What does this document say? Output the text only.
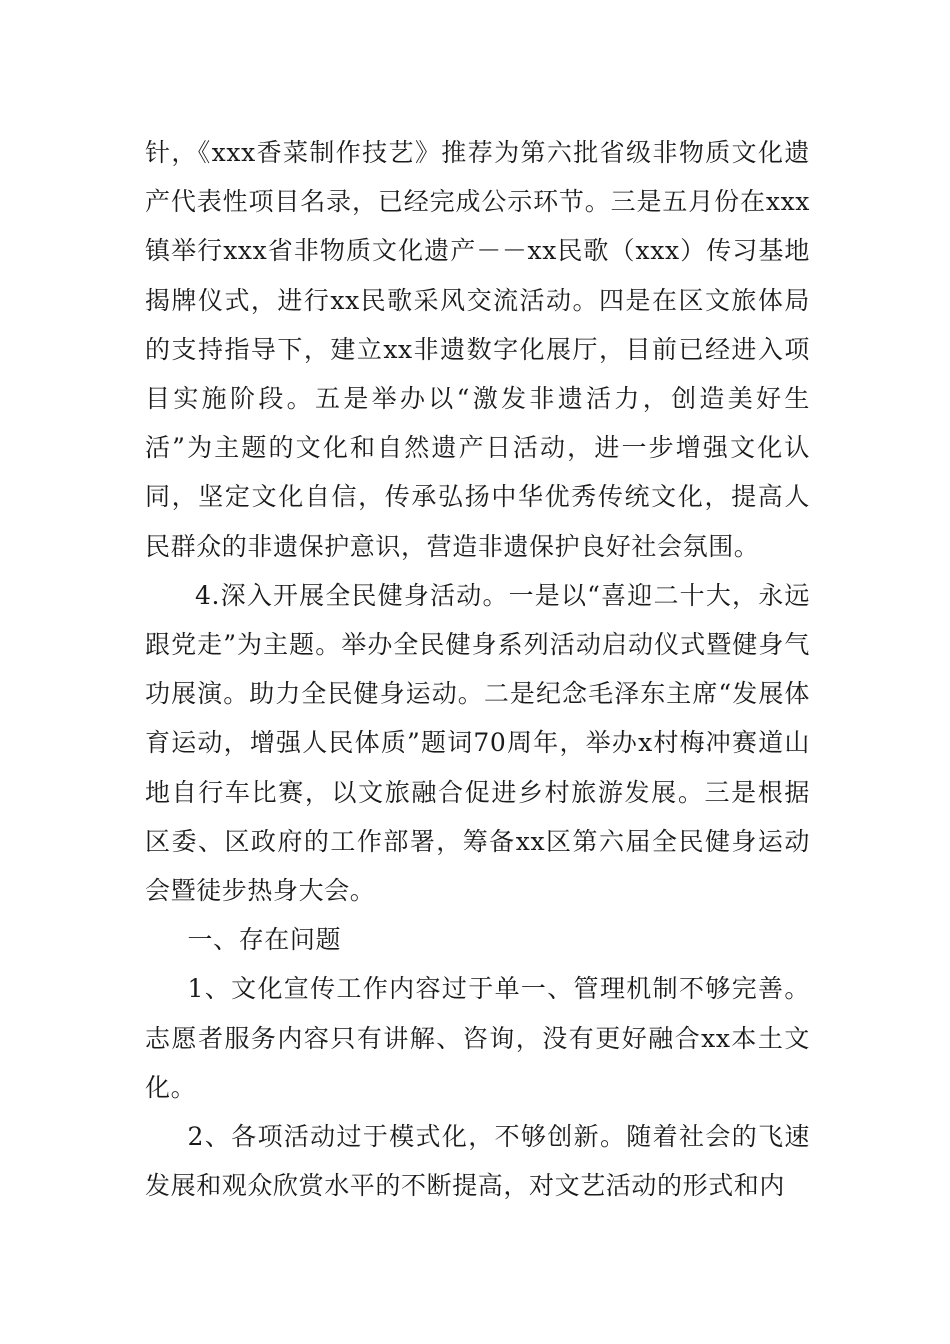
针，《xxx香菜制作技艺》推荐为第六批省级非物质文化遗产代表性项目名录，已经完成公示环节。三是五月份在xxx镇举行xxx省非物质文化遗产－－xx民歌（xxx）传习基地揭牌仪式，进行xx民歌采风交流活动。四是在区文旅体局的支持指导下，建立xx非遗数字化展厅，目前已经进入项目实施阶段。五是举办以“激发非遗活力，创造美好生活”为主题的文化和自然遗产日活动，进一步增强文化认同，坚定文化自信，传承弘扬中华优秀传统文化，提高人民群众的非遗保护意识，营造非遗保护良好社会氛围。

4.深入开展全民健身活动。一是以“喜迎二十大，永远跟党走”为主题。举办全民健身系列活动启动仪式暨健身气功展演。助力全民健身运动。二是纪念毛泽东主席“发展体育运动，增强人民体质”题词70周年，举办x村梅冲赛道山地自行车比赛，以文旅融合促进乡村旅游发展。三是根据区委、区政府的工作部署，筹备xx区第六届全民健身运动会暨徒步热身大会。

一、存在问题

1、文化宣传工作内容过于单一、管理机制不够完善。志愿者服务内容只有讲解、咨询，没有更好融合xx本土文化。

2、各项活动过于模式化，不够创新。随着社会的飞速发展和观众欣赏水平的不断提高，对文艺活动的形式和内
